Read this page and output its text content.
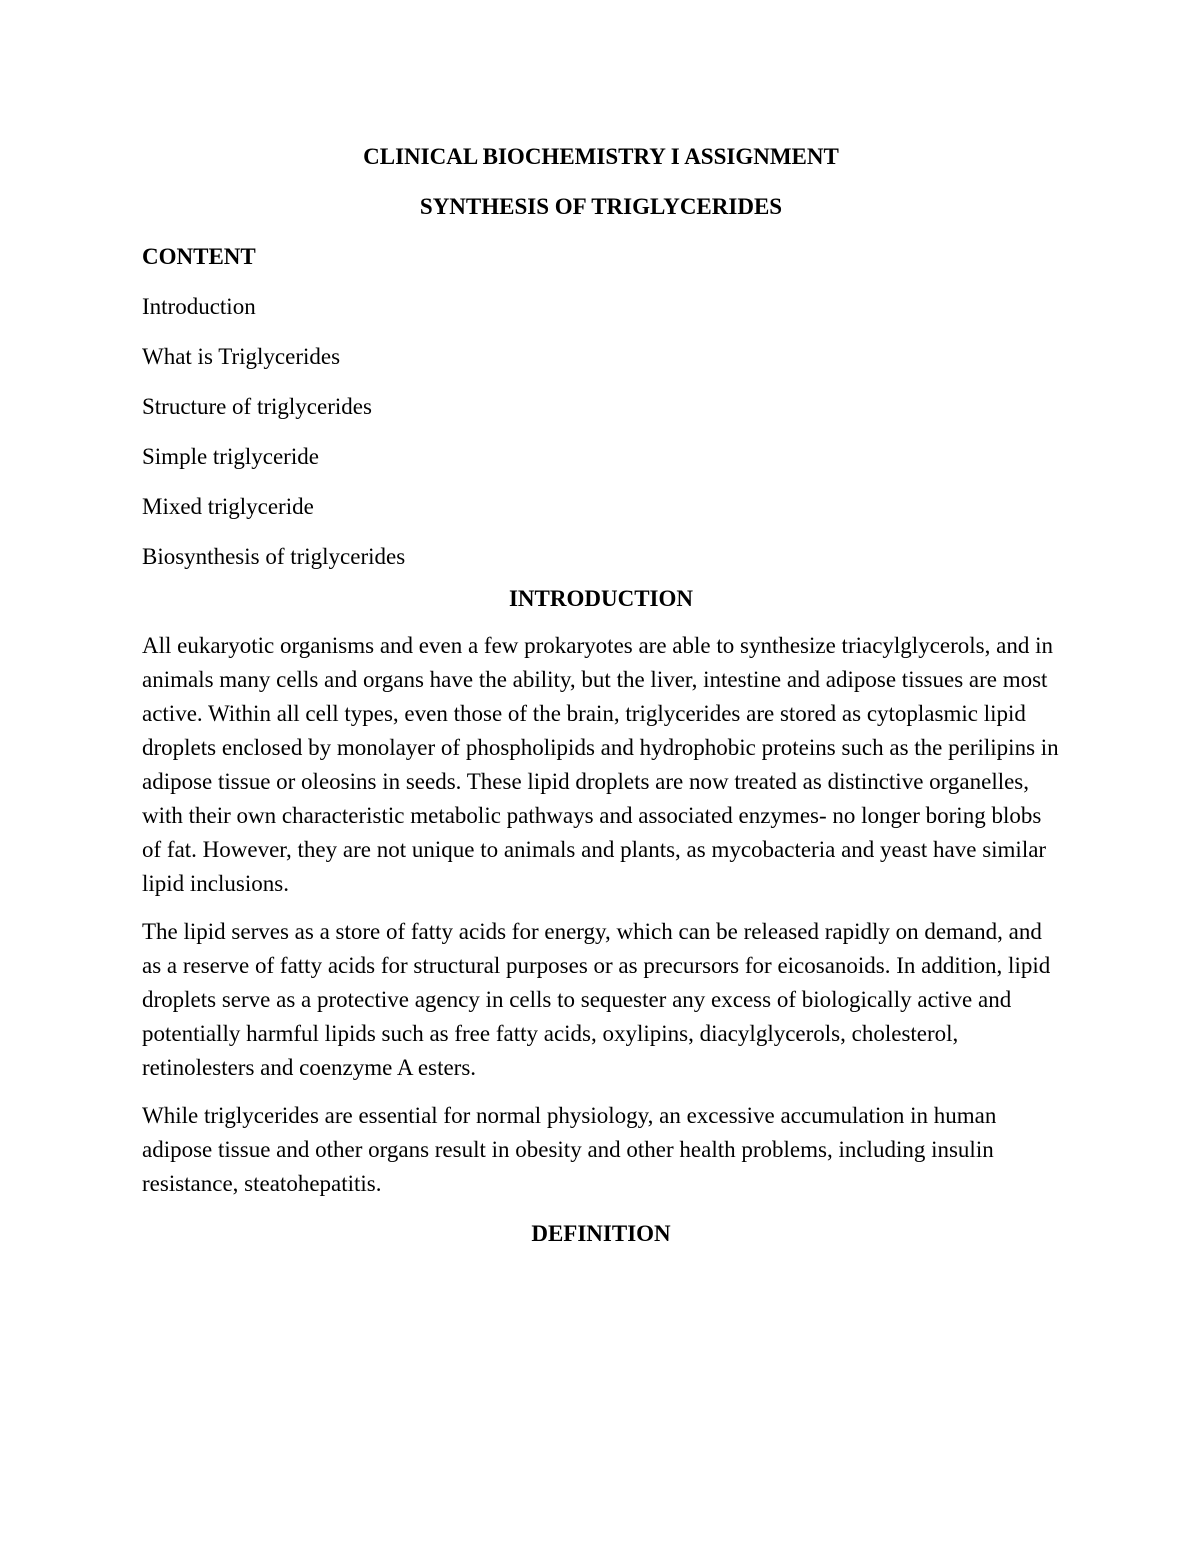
CLINICAL BIOCHEMISTRY I ASSIGNMENT
SYNTHESIS OF TRIGLYCERIDES
CONTENT
Introduction
What is Triglycerides
Structure of triglycerides
Simple triglyceride
Mixed triglyceride
Biosynthesis of triglycerides
INTRODUCTION

All eukaryotic organisms and even a few prokaryotes are able to synthesize triacylglycerols, and in animals many cells and organs have the ability, but the liver, intestine and adipose tissues are most active. Within all cell types, even those of the brain, triglycerides are stored as cytoplasmic lipid droplets enclosed by monolayer of phospholipids and hydrophobic proteins such as the perilipins in adipose tissue or oleosins in seeds. These lipid droplets are now treated as distinctive organelles, with their own characteristic metabolic pathways and associated enzymes- no longer boring blobs of fat. However, they are not unique to animals and plants, as mycobacteria and yeast have similar lipid inclusions.

The lipid serves as a store of fatty acids for energy, which can be released rapidly on demand, and as a reserve of fatty acids for structural purposes or as precursors for eicosanoids. In addition, lipid droplets serve as a protective agency in cells to sequester any excess of biologically active and potentially harmful lipids such as free fatty acids, oxylipins, diacylglycerols, cholesterol, retinolesters and coenzyme A esters.

While triglycerides are essential for normal physiology, an excessive accumulation in human adipose tissue and other organs result in obesity and other health problems, including insulin resistance, steatohepatitis.

DEFINITION
